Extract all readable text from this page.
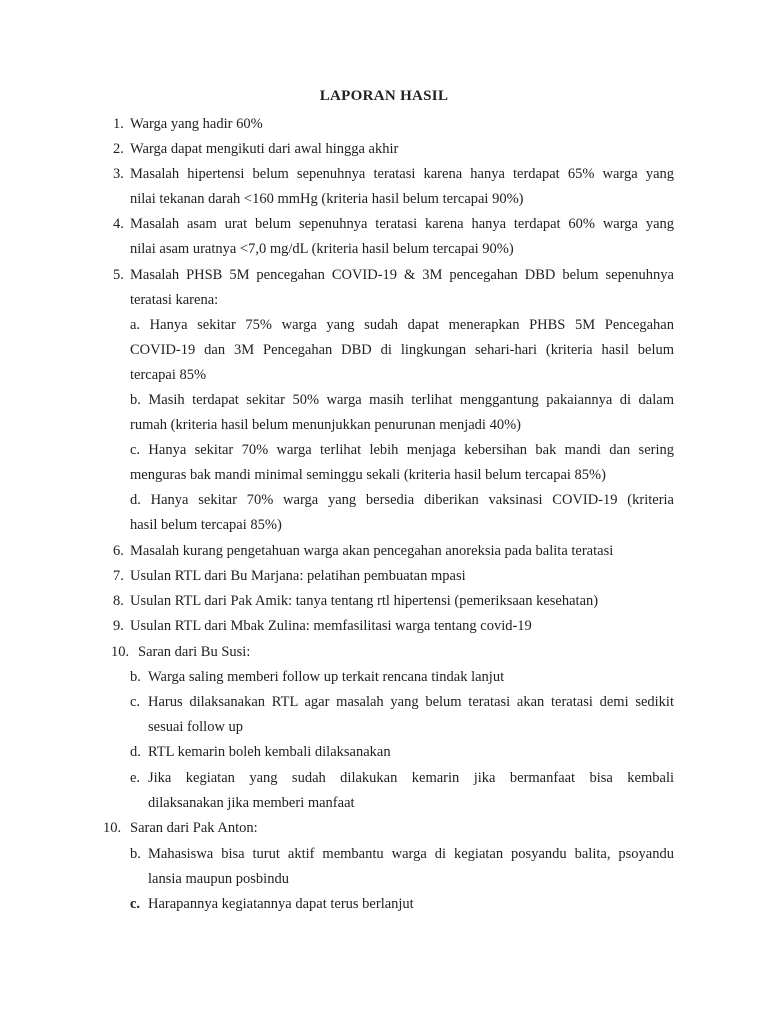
LAPORAN HASIL
1. Warga yang hadir 60%
2. Warga dapat mengikuti dari awal hingga akhir
3. Masalah hipertensi belum sepenuhnya teratasi karena hanya terdapat 65% warga yang
nilai tekanan darah <160 mmHg (kriteria hasil belum tercapai 90%)
4. Masalah asam urat belum sepenuhnya teratasi karena hanya terdapat 60% warga yang
nilai asam uratnya <7,0 mg/dL (kriteria hasil belum tercapai 90%)
5. Masalah PHSB 5M pencegahan COVID-19 & 3M pencegahan DBD belum sepenuhnya
teratasi karena:
a. Hanya sekitar 75% warga yang sudah dapat menerapkan PHBS 5M Pencegahan
COVID-19 dan 3M Pencegahan DBD di lingkungan sehari-hari (kriteria hasil belum
tercapai 85%
b. Masih terdapat sekitar 50% warga masih terlihat menggantung pakaiannya di dalam
rumah (kriteria hasil belum menunjukkan penurunan menjadi 40%)
c. Hanya sekitar 70% warga terlihat lebih menjaga kebersihan bak mandi dan sering
menguras bak mandi minimal seminggu sekali (kriteria hasil belum tercapai 85%)
d. Hanya sekitar 70% warga yang bersedia diberikan vaksinasi COVID-19 (kriteria
hasil belum tercapai 85%)
6. Masalah kurang pengetahuan warga akan pencegahan anoreksia pada balita teratasi
7. Usulan RTL dari Bu Marjana: pelatihan pembuatan mpasi
8. Usulan RTL dari Pak Amik: tanya tentang rtl hipertensi (pemeriksaan kesehatan)
9. Usulan RTL dari Mbak Zulina: memfasilitasi warga tentang covid-19
10. Saran dari Bu Susi:
b. Warga saling memberi follow up terkait rencana tindak lanjut
c. Harus dilaksanakan RTL agar masalah yang belum teratasi akan teratasi demi sedikit
sesuai follow up
d. RTL kemarin boleh kembali dilaksanakan
e. Jika kegiatan yang sudah dilakukan kemarin jika bermanfaat bisa kembali
dilaksanakan jika memberi manfaat
10. Saran dari Pak Anton:
b. Mahasiswa bisa turut aktif membantu warga di kegiatan posyandu balita, psoyandu
lansia maupun posbindu
c. Harapannya kegiatannya dapat terus berlanjut
